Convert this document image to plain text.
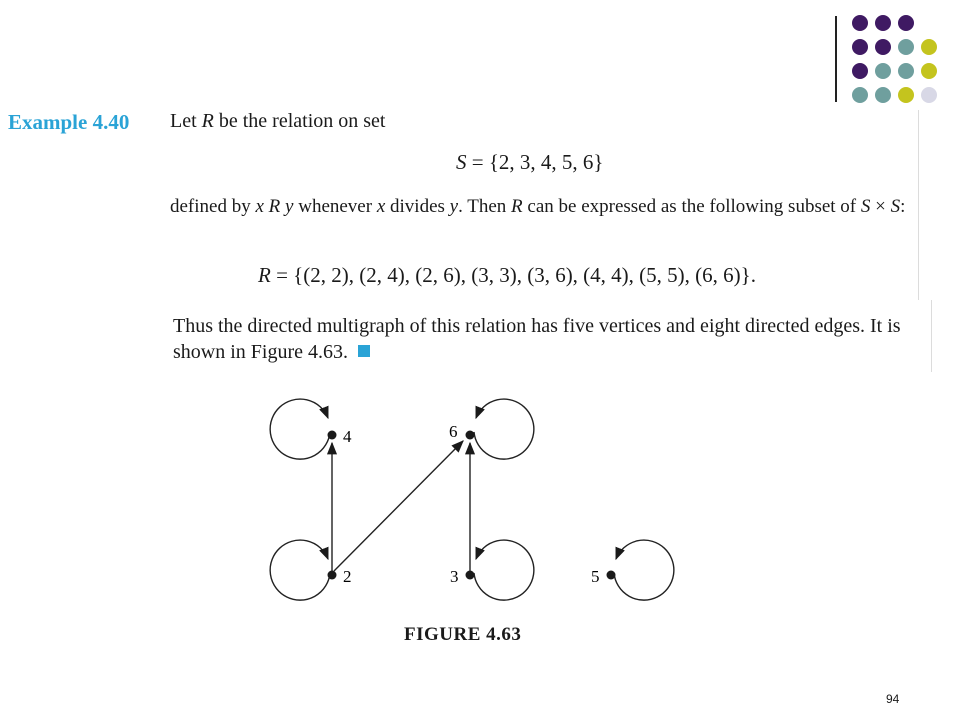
Example 4.40 Let R be the relation on set
S = {2, 3, 4, 5, 6}
defined by x R y whenever x divides y. Then R can be expressed as the following subset of S × S:
R = {(2, 2), (2, 4), (2, 6), (3, 3), (3, 6), (4, 4), (5, 5), (6, 6)}.
Thus the directed multigraph of this relation has five vertices and eight directed edges. It is shown in Figure 4.63.
4	6
2	3	5
FIGURE 4.63
94
